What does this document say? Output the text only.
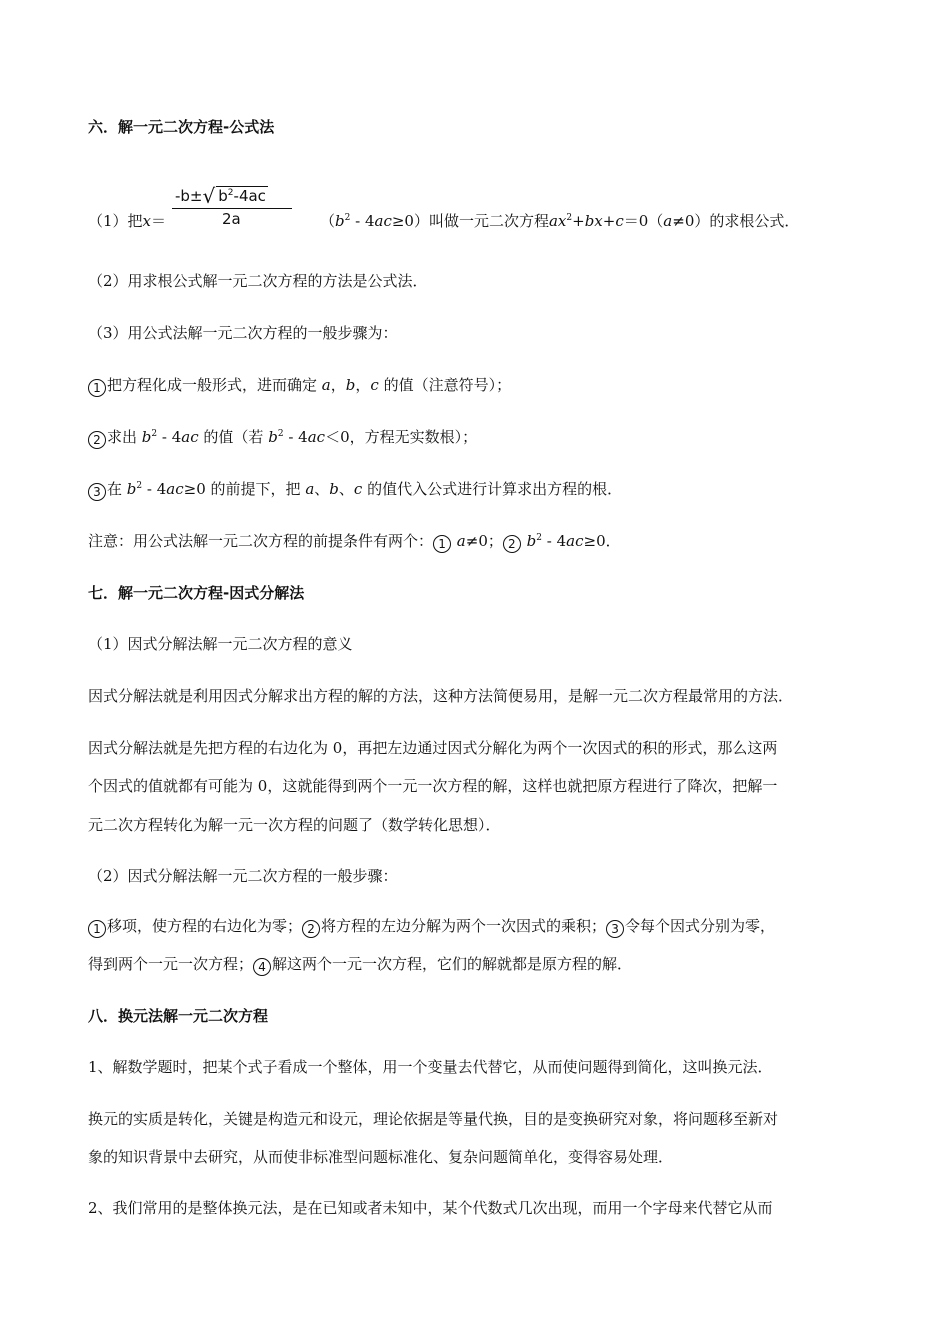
六．解一元二次方程-公式法
-b±√ $b^2-4ac$
2a
（1）把x＝	$(b^2 - 4ac\ge 0)$叫做一元二次方程$ax^2+bx+c=0(a\ne 0)$的求根公式．
（2）用求根公式解一元二次方程的方法是公式法．
（3）用公式法解一元二次方程的一般步骤为：
1 把方程化成一般形式，进而确定 a，b，c 的值（注意符号）；
2 求出 $b^2 - 4ac$ 的值（若 $b^2 - 4ac<0$，方程无实数根）；
3 在 $b^2 - 4ac\ge 0$ 的前提下，把 a、b、c 的值代入公式进行计算求出方程的根．
注意：用公式法解一元二次方程的前提条件有两个： 1 a≠0； 2 $b^2 - 4ac\ge 0$．
七．解一元二次方程-因式分解法
（1）因式分解法解一元二次方程的意义
因式分解法就是利用因式分解求出方程的解的方法，这种方法简便易用，是解一元二次方程最常用的方法．
因式分解法就是先把方程的右边化为 0，再把左边通过因式分解化为两个一次因式的积的形式，那么这两
个因式的值就都有可能为 0，这就能得到两个一元一次方程的解，这样也就把原方程进行了降次，把解一
元二次方程转化为解一元一次方程的问题了（数学转化思想）．
（2）因式分解法解一元二次方程的一般步骤：
1 移项，使方程的右边化为零； 2 将方程的左边分解为两个一次因式的乘积； 3 令每个因式分别为零，
得到两个一元一次方程； 4 解这两个一元一次方程，它们的解就都是原方程的解．
八．换元法解一元二次方程
1、解数学题时，把某个式子看成一个整体，用一个变量去代替它，从而使问题得到简化，这叫换元法．
换元的实质是转化，关键是构造元和设元，理论依据是等量代换，目的是变换研究对象，将问题移至新对
象的知识背景中去研究，从而使非标准型问题标准化、复杂问题简单化，变得容易处理．
2、我们常用的是整体换元法，是在已知或者未知中，某个代数式几次出现，而用一个字母来代替它从而
